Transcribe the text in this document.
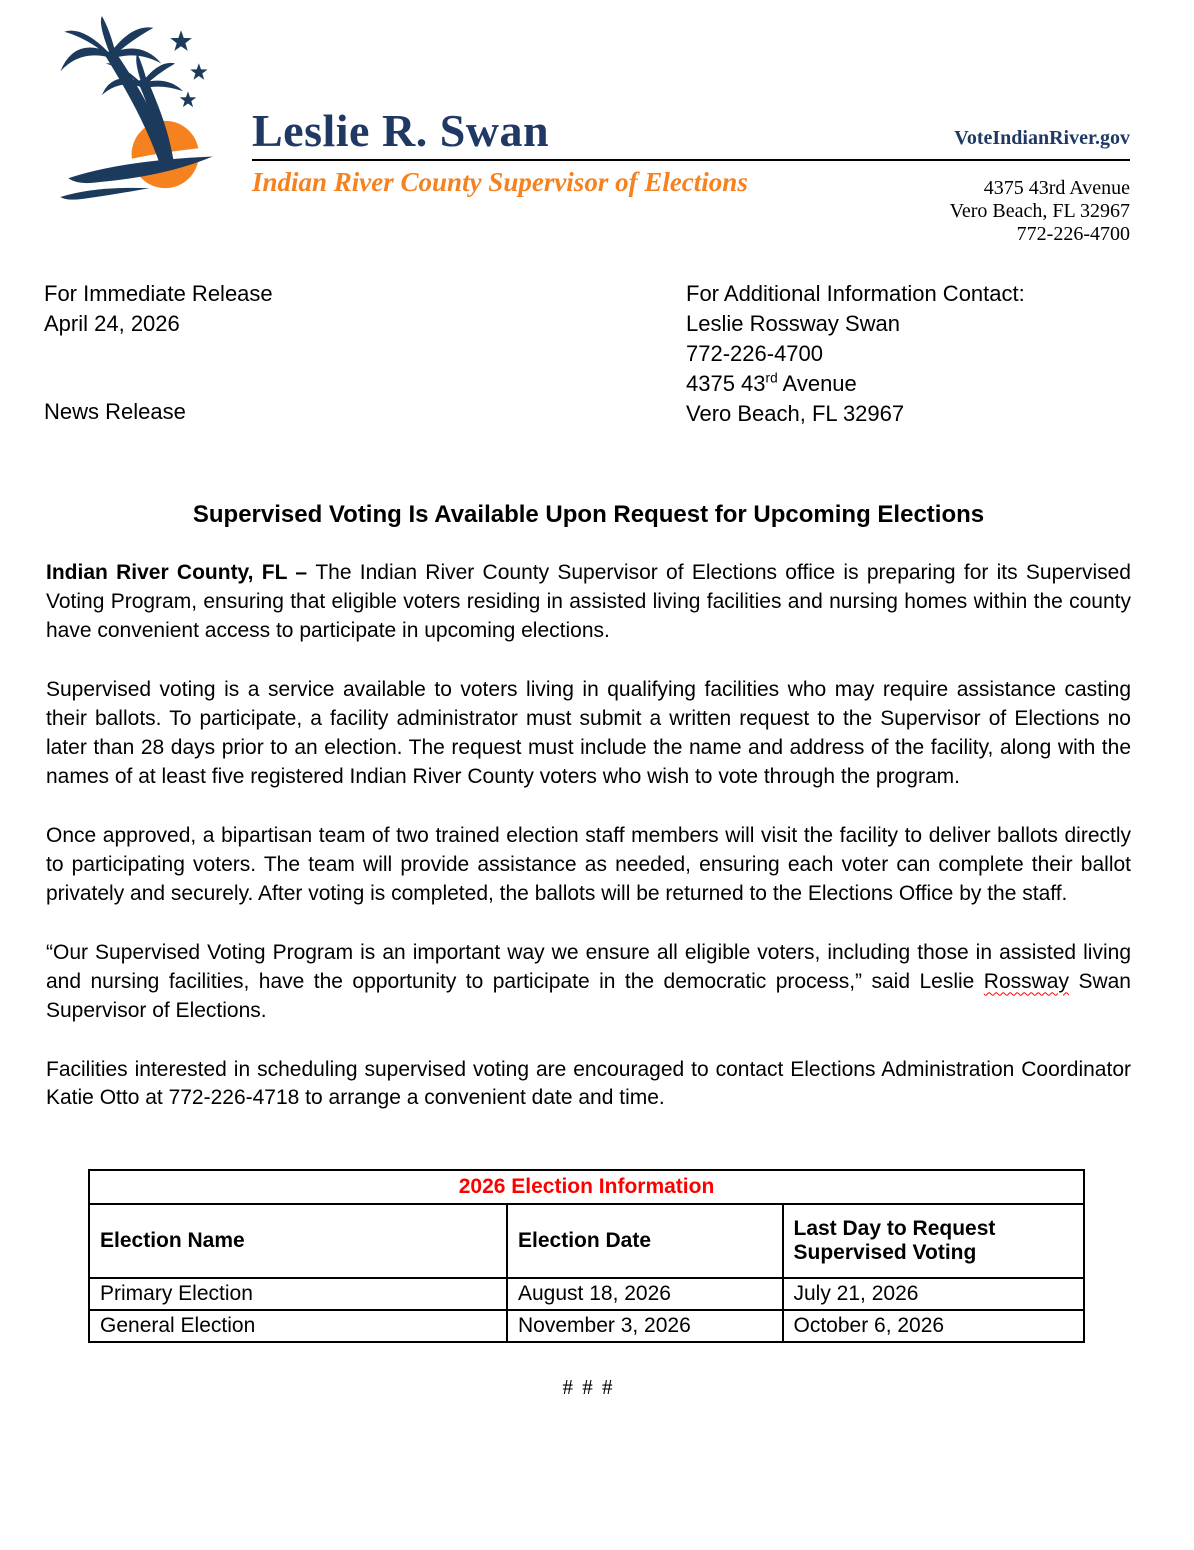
Leslie R. Swan	VoteIndianRiver.gov
Indian River County Supervisor of Elections	4375 43rd Avenue
Vero Beach, FL 32967
772-226-4700
For Immediate Release
April 24, 2026
News Release
For Additional Information Contact:
Leslie Rossway Swan
772-226-4700
4375 43rd Avenue
Vero Beach, FL 32967
Supervised Voting Is Available Upon Request for Upcoming Elections

Indian River County, FL – The Indian River County Supervisor of Elections office is preparing for its Supervised Voting Program, ensuring that eligible voters residing in assisted living facilities and nursing homes within the county have convenient access to participate in upcoming elections.

Supervised voting is a service available to voters living in qualifying facilities who may require assistance casting their ballots. To participate, a facility administrator must submit a written request to the Supervisor of Elections no later than 28 days prior to an election. The request must include the name and address of the facility, along with the names of at least five registered Indian River County voters who wish to vote through the program.

Once approved, a bipartisan team of two trained election staff members will visit the facility to deliver ballots directly to participating voters. The team will provide assistance as needed, ensuring each voter can complete their ballot privately and securely. After voting is completed, the ballots will be returned to the Elections Office by the staff.

“Our Supervised Voting Program is an important way we ensure all eligible voters, including those in assisted living and nursing facilities, have the opportunity to participate in the democratic process,” said Leslie Rossway Swan Supervisor of Elections.

Facilities interested in scheduling supervised voting are encouraged to contact Elections Administration Coordinator Katie Otto at 772-226-4718 to arrange a convenient date and time.

2026 Election Information		
Election Name	Election Date	Last Day to Request Supervised Voting
Primary Election	August 18, 2026	July 21, 2026
General Election	November 3, 2026	October 6, 2026
# # #
